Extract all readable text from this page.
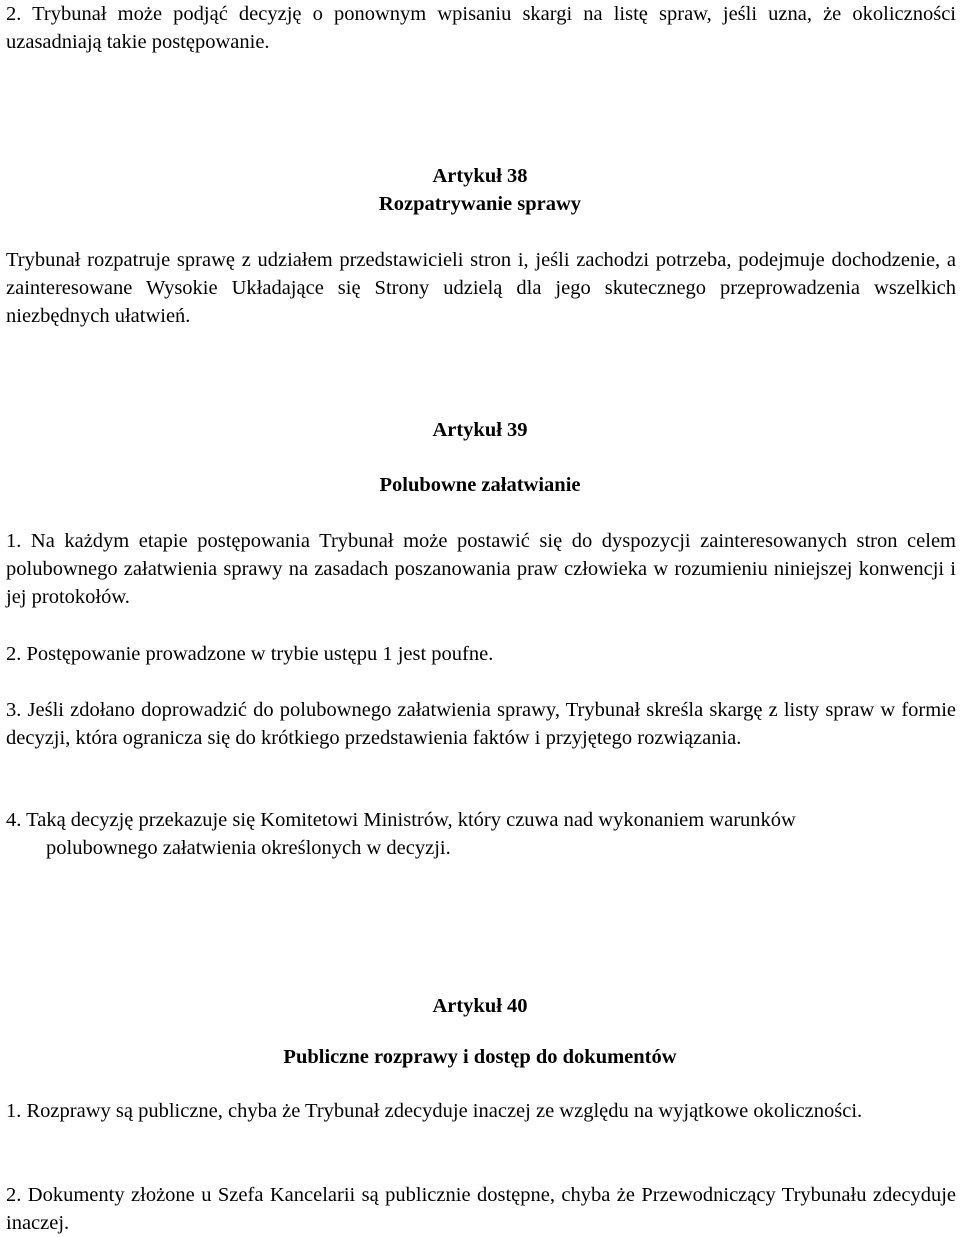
2. Trybunał może podjąć decyzję o ponownym wpisaniu skargi na listę spraw, jeśli uzna, że okoliczności uzasadniają takie postępowanie.

Artykuł 38

Rozpatrywanie sprawy

Trybunał rozpatruje sprawę z udziałem przedstawicieli stron i, jeśli zachodzi potrzeba, podejmuje dochodzenie, a zainteresowane Wysokie Układające się Strony udzielą dla jego skutecznego przeprowadzenia wszelkich niezbędnych ułatwień.

Artykuł 39

Polubowne załatwianie

1. Na każdym etapie postępowania Trybunał może postawić się do dyspozycji zainteresowanych stron celem polubownego załatwienia sprawy na zasadach poszanowania praw człowieka w rozumieniu niniejszej konwencji i jej protokołów.

2. Postępowanie prowadzone w trybie ustępu 1 jest poufne.

3. Jeśli zdołano doprowadzić do polubownego załatwienia sprawy, Trybunał skreśla skargę z listy spraw w formie decyzji, która ogranicza się do krótkiego przedstawienia faktów i przyjętego rozwiązania.

4. Taką decyzję przekazuje się Komitetowi Ministrów, który czuwa nad wykonaniem warunków

polubownego załatwienia określonych w decyzji.

Artykuł 40

Publiczne rozprawy i dostęp do dokumentów

1. Rozprawy są publiczne, chyba że Trybunał zdecyduje inaczej ze względu na wyjątkowe okoliczności.

2. Dokumenty złożone u Szefa Kancelarii są publicznie dostępne, chyba że Przewodniczący Trybunału zdecyduje inaczej.
